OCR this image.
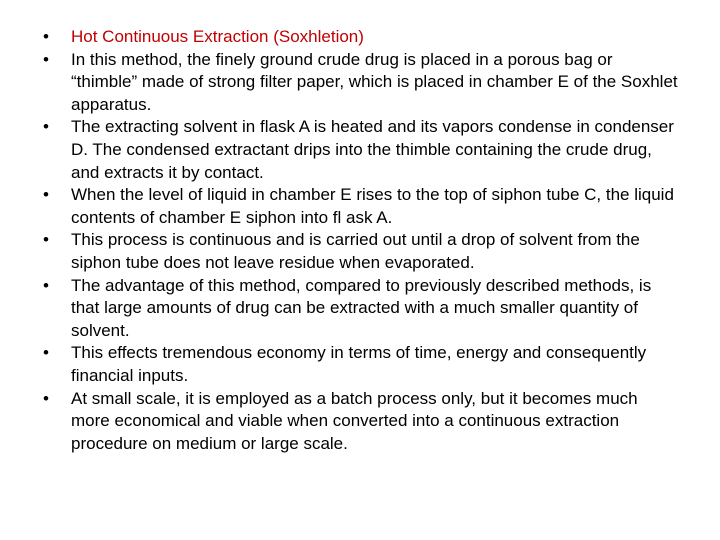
• Hot Continuous Extraction (Soxhletion)
• In this method, the finely ground crude drug is placed in a porous bag or “thimble” made of strong filter paper, which is placed in chamber E of the Soxhlet apparatus.
• The extracting solvent in flask A is heated and its vapors condense in condenser D. The condensed extractant drips into the thimble containing the crude drug, and extracts it by contact.
• When the level of liquid in chamber E rises to the top of siphon tube C, the liquid contents of chamber E siphon into fl ask A.
• This process is continuous and is carried out until a drop of solvent from the siphon tube does not leave residue when evaporated.
• The advantage of this method, compared to previously described methods, is that large amounts of drug can be extracted with a much smaller quantity of solvent.
• This effects tremendous economy in terms of time, energy and consequently financial inputs.
• At small scale, it is employed as a batch process only, but it becomes much more economical and viable when converted into a continuous extraction procedure on medium or large scale.
